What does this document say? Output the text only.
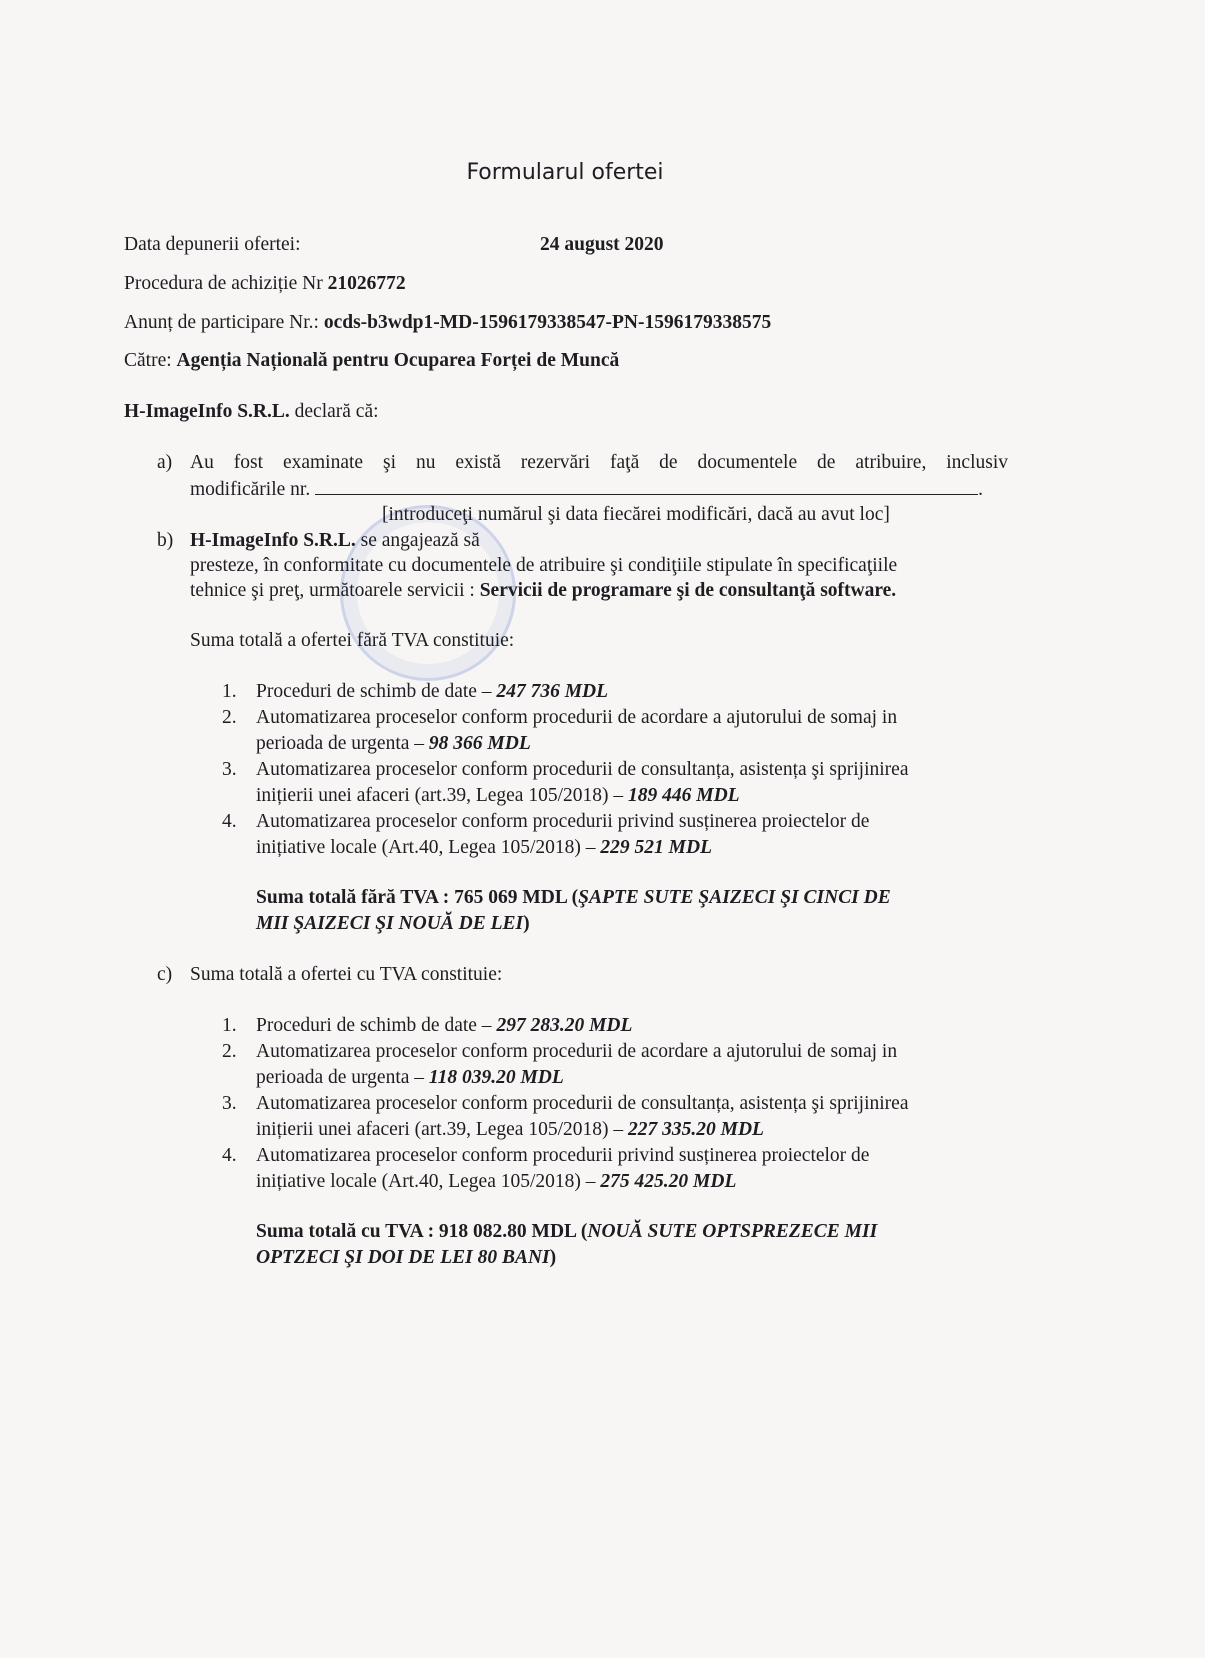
Formularul ofertei
Data depunerii ofertei:	24 august 2020
Procedura de achiziție Nr 21026772
Anunț de participare Nr.: ocds-b3wdp1-MD-1596179338547-PN-1596179338575
Către: Agenția Națională pentru Ocuparea Forței de Muncă
H-ImageInfo S.R.L. declară că:
a) Au fost examinate şi nu există rezervări faţă de documentele de atribuire, inclusiv
modificările nr.	.
[introduceţi numărul şi data fiecărei modificări, dacă au avut loc]
b) H-ImageInfo S.R.L. se angajează să
presteze, în conformitate cu documentele de atribuire şi condiţiile stipulate în specificaţiile
tehnice şi preţ, următoarele servicii : Servicii de programare şi de consultanţă software.
Suma totală a ofertei fără TVA constituie:
1. Proceduri de schimb de date – 247 736 MDL
2. Automatizarea proceselor conform procedurii de acordare a ajutorului de somaj in
perioada de urgenta – 98 366 MDL
3. Automatizarea proceselor conform procedurii de consultanța, asistența şi sprijinirea
inițierii unei afaceri (art.39, Legea 105/2018) – 189 446 MDL
4. Automatizarea proceselor conform procedurii privind susținerea proiectelor de
inițiative locale (Art.40, Legea 105/2018) – 229 521 MDL
Suma totală fără TVA : 765 069 MDL (ŞAPTE SUTE ŞAIZECI ŞI CINCI DE
MII ŞAIZECI ŞI NOUĂ DE LEI)
c) Suma totală a ofertei cu TVA constituie:
1. Proceduri de schimb de date – 297 283.20 MDL
2. Automatizarea proceselor conform procedurii de acordare a ajutorului de somaj in
perioada de urgenta – 118 039.20 MDL
3. Automatizarea proceselor conform procedurii de consultanța, asistența şi sprijinirea
inițierii unei afaceri (art.39, Legea 105/2018) – 227 335.20 MDL
4. Automatizarea proceselor conform procedurii privind susținerea proiectelor de
inițiative locale (Art.40, Legea 105/2018) – 275 425.20 MDL
Suma totală cu TVA : 918 082.80 MDL (NOUĂ SUTE OPTSPREZECE MII
OPTZECI ŞI DOI DE LEI 80 BANI)
